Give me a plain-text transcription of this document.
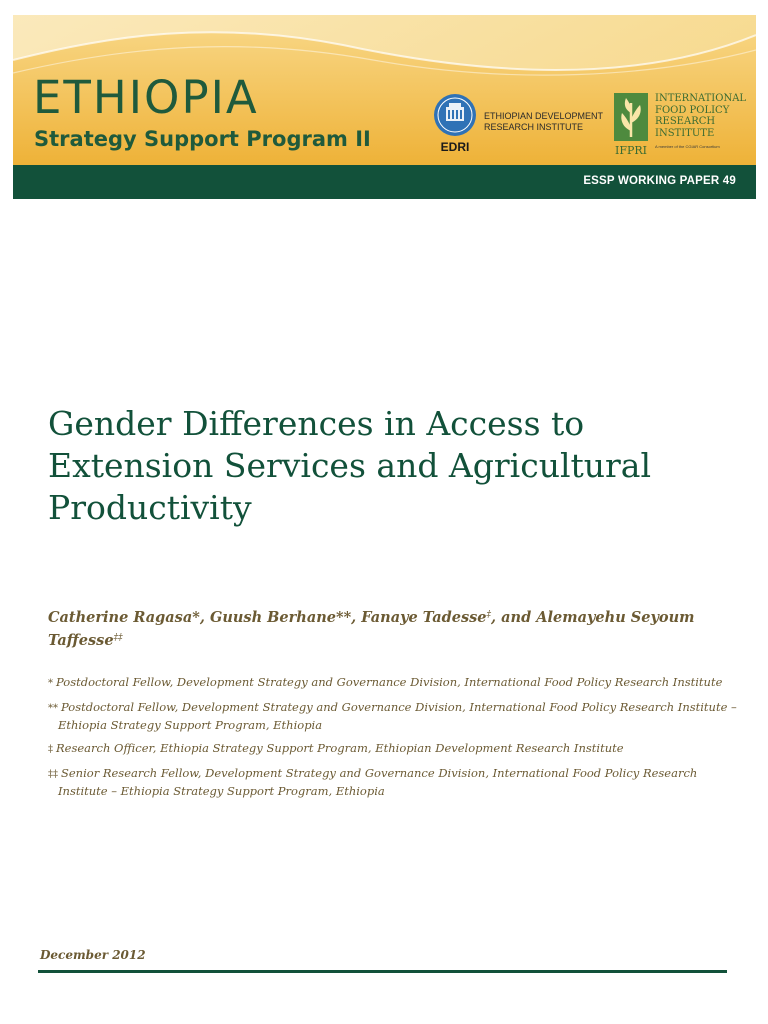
ETHIOPIA
Strategy Support Program II	EDRI
ETHIOPIAN DEVELOPMENT
RESEARCH INSTITUTE
IFPRI
INTERNATIONAL
FOOD POLICY
RESEARCH
INSTITUTE
A member of the CGIAR Consortium
ESSP WORKING PAPER 49
Gender Differences in Access to Extension Services and Agricultural Productivity
Catherine Ragasa*, Guush Berhane**, Fanaye Tadesse‡, and Alemayehu Seyoum Taffesse‡‡
* Postdoctoral Fellow, Development Strategy and Governance Division, International Food Policy Research Institute
** Postdoctoral Fellow, Development Strategy and Governance Division, International Food Policy Research Institute – Ethiopia Strategy Support Program, Ethiopia
‡ Research Officer, Ethiopia Strategy Support Program, Ethiopian Development Research Institute
‡‡ Senior Research Fellow, Development Strategy and Governance Division, International Food Policy Research Institute – Ethiopia Strategy Support Program, Ethiopia
December 2012
